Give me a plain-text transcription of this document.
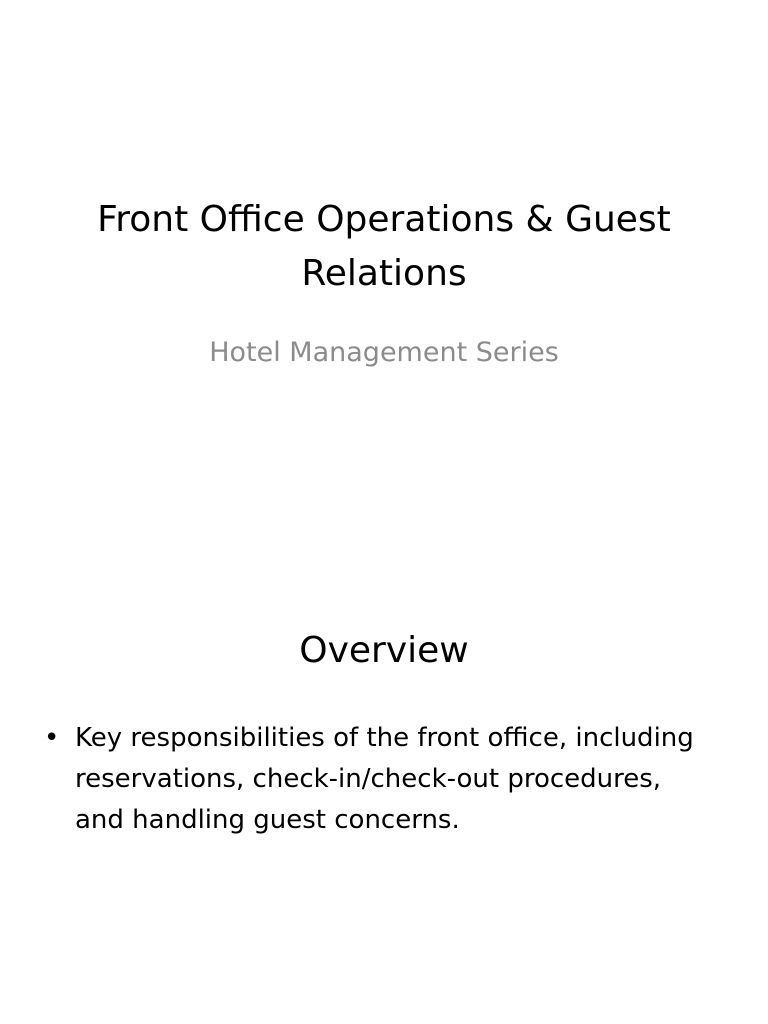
Front Office Operations & Guest Relations

Hotel Management Series

Overview
• Key responsibilities of the front office, including reservations, check-in/check-out procedures, and handling guest concerns.
